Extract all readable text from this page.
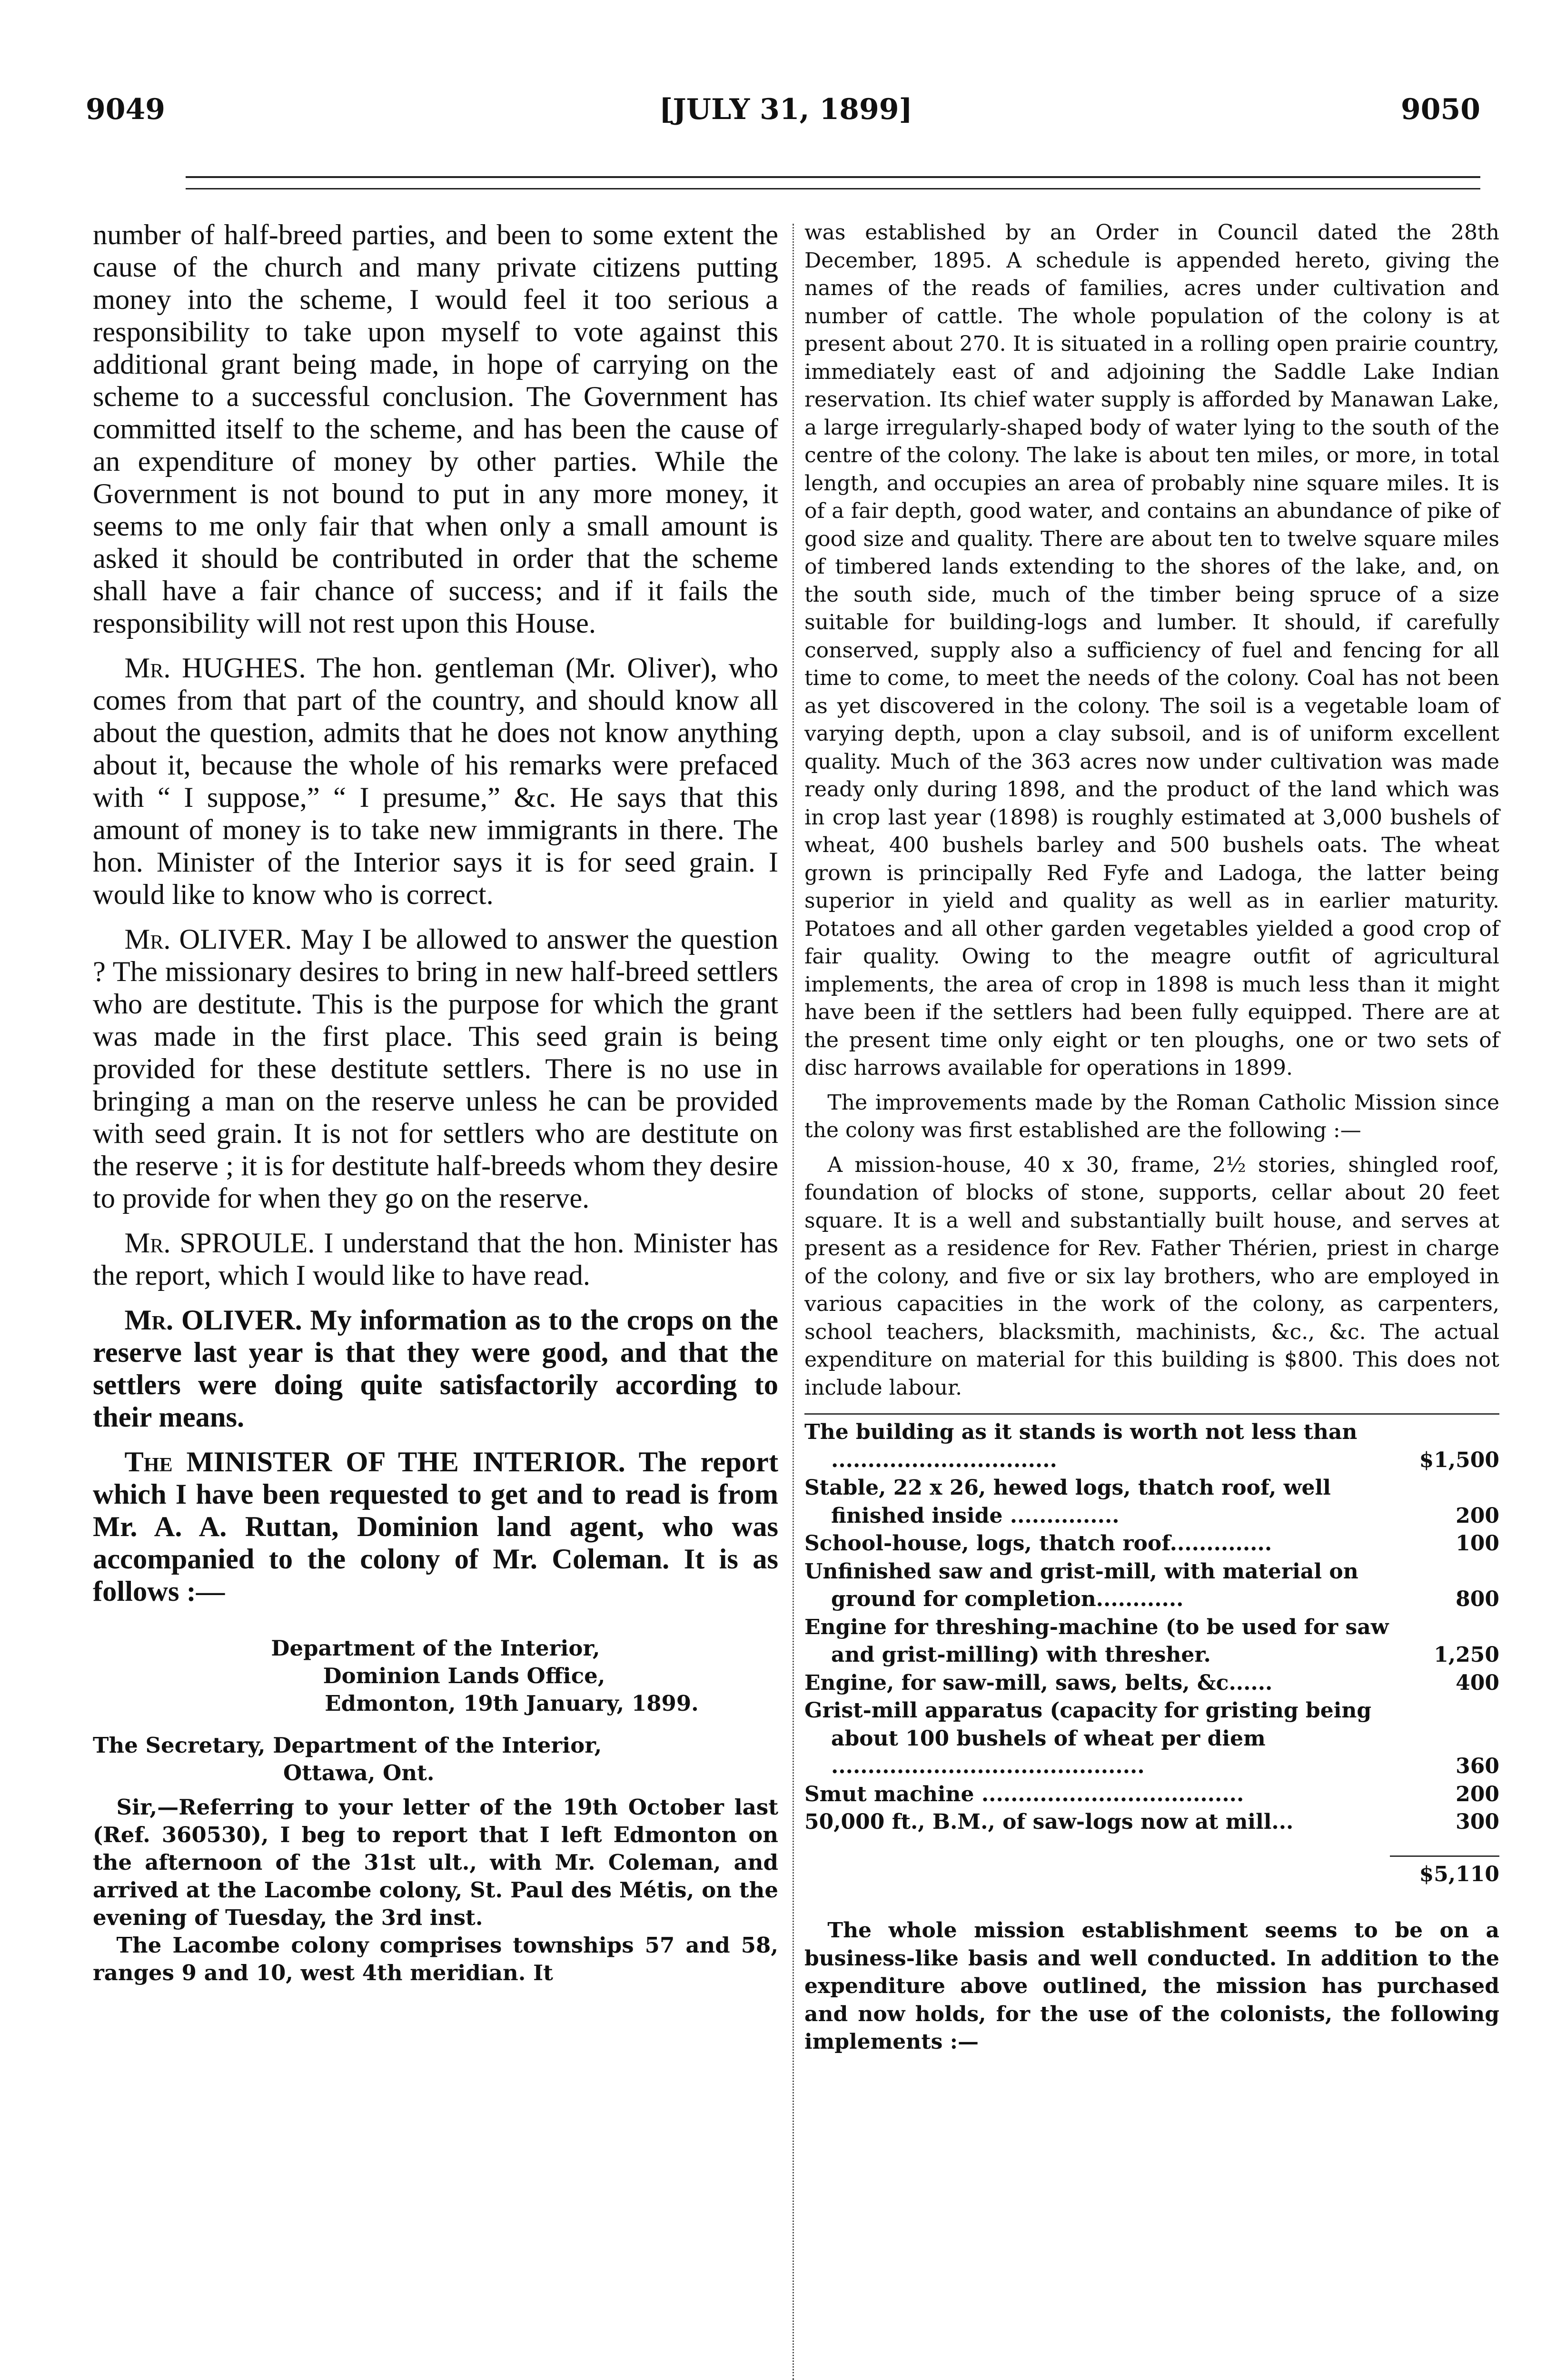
9049	[JULY 31, 1899]	9050

number of half-breed parties, and been to some extent the cause of the church and many private citizens putting money into the scheme, I would feel it too serious a responsibility to take upon myself to vote against this additional grant being made, in hope of carrying on the scheme to a successful conclusion. The Government has committed itself to the scheme, and has been the cause of an expenditure of money by other parties. While the Government is not bound to put in any more money, it seems to me only fair that when only a small amount is asked it should be contributed in order that the scheme shall have a fair chance of success; and if it fails the responsibility will not rest upon this House.

Mr. HUGHES. The hon. gentleman (Mr. Oliver), who comes from that part of the country, and should know all about the question, admits that he does not know anything about it, because the whole of his remarks were prefaced with “ I suppose,” “ I presume,” &c. He says that this amount of money is to take new immigrants in there. The hon. Minister of the Interior says it is for seed grain. I would like to know who is correct.

Mr. OLIVER. May I be allowed to answer the question ? The missionary desires to bring in new half-breed settlers who are destitute. This is the purpose for which the grant was made in the first place. This seed grain is being provided for these destitute settlers. There is no use in bringing a man on the reserve unless he can be provided with seed grain. It is not for settlers who are destitute on the reserve ; it is for destitute half-breeds whom they desire to provide for when they go on the reserve.

Mr. SPROULE. I understand that the hon. Minister has the report, which I would like to have read.

Mr. OLIVER. My information as to the crops on the reserve last year is that they were good, and that the settlers were doing quite satisfactorily according to their means.

The MINISTER OF THE INTERIOR. The report which I have been requested to get and to read is from Mr. A. A. Ruttan, Dominion land agent, who was accompanied to the colony of Mr. Coleman. It is as follows :—

Department of the Interior,
Dominion Lands Office,
Edmonton, 19th January, 1899.
The Secretary, Department of the Interior,
Ottawa, Ont.

Sir,—Referring to your letter of the 19th October last (Ref. 360530), I beg to report that I left Edmonton on the afternoon of the 31st ult., with Mr. Coleman, and arrived at the Lacombe colony, St. Paul des Métis, on the evening of Tuesday, the 3rd inst.

The Lacombe colony comprises townships 57 and 58, ranges 9 and 10, west 4th meridian. It

was established by an Order in Council dated the 28th December, 1895. A schedule is appended hereto, giving the names of the reads of families, acres under cultivation and number of cattle. The whole population of the colony is at present about 270. It is situated in a rolling open prairie country, immediately east of and adjoining the Saddle Lake Indian reservation. Its chief water supply is afforded by Manawan Lake, a large irregularly-shaped body of water lying to the south of the centre of the colony. The lake is about ten miles, or more, in total length, and occupies an area of probably nine square miles. It is of a fair depth, good water, and contains an abundance of pike of good size and quality. There are about ten to twelve square miles of timbered lands extending to the shores of the lake, and, on the south side, much of the timber being spruce of a size suitable for building-logs and lumber. It should, if carefully conserved, supply also a sufficiency of fuel and fencing for all time to come, to meet the needs of the colony. Coal has not been as yet discovered in the colony. The soil is a vegetable loam of varying depth, upon a clay subsoil, and is of uniform excellent quality. Much of the 363 acres now under cultivation was made ready only during 1898, and the product of the land which was in crop last year (1898) is roughly estimated at 3,000 bushels of wheat, 400 bushels barley and 500 bushels oats. The wheat grown is principally Red Fyfe and Ladoga, the latter being superior in yield and quality as well as in earlier maturity. Potatoes and all other garden vegetables yielded a good crop of fair quality. Owing to the meagre outfit of agricultural implements, the area of crop in 1898 is much less than it might have been if the settlers had been fully equipped. There are at the present time only eight or ten ploughs, one or two sets of disc harrows available for operations in 1899.

The improvements made by the Roman Catholic Mission since the colony was first established are the following :—

A mission-house, 40 x 30, frame, 2½ stories, shingled roof, foundation of blocks of stone, supports, cellar about 20 feet square. It is a well and substantially built house, and serves at present as a residence for Rev. Father Thérien, priest in charge of the colony, and five or six lay brothers, who are employed in various capacities in the work of the colony, as carpenters, school teachers, blacksmith, machinists, &c., &c. The actual expenditure on material for this building is $800. This does not include labour.

The building as it stands is worth not less than ...............................	$1,500
Stable, 22 x 26, hewed logs, thatch roof, well finished inside ...............	200
School-house, logs, thatch roof..............	100
Unfinished saw and grist-mill, with material on ground for completion............	800
Engine for threshing-machine (to be used for saw and grist-milling) with thresher.	1,250
Engine, for saw-mill, saws, belts, &c......	400
Grist-mill apparatus (capacity for gristing being about 100 bushels of wheat per diem ...........................................	360
Smut machine ....................................	200
50,000 ft., B.M., of saw-logs now at mill...	300
$5,110

The whole mission establishment seems to be on a business-like basis and well conducted. In addition to the expenditure above outlined, the mission has purchased and now holds, for the use of the colonists, the following implements :—
